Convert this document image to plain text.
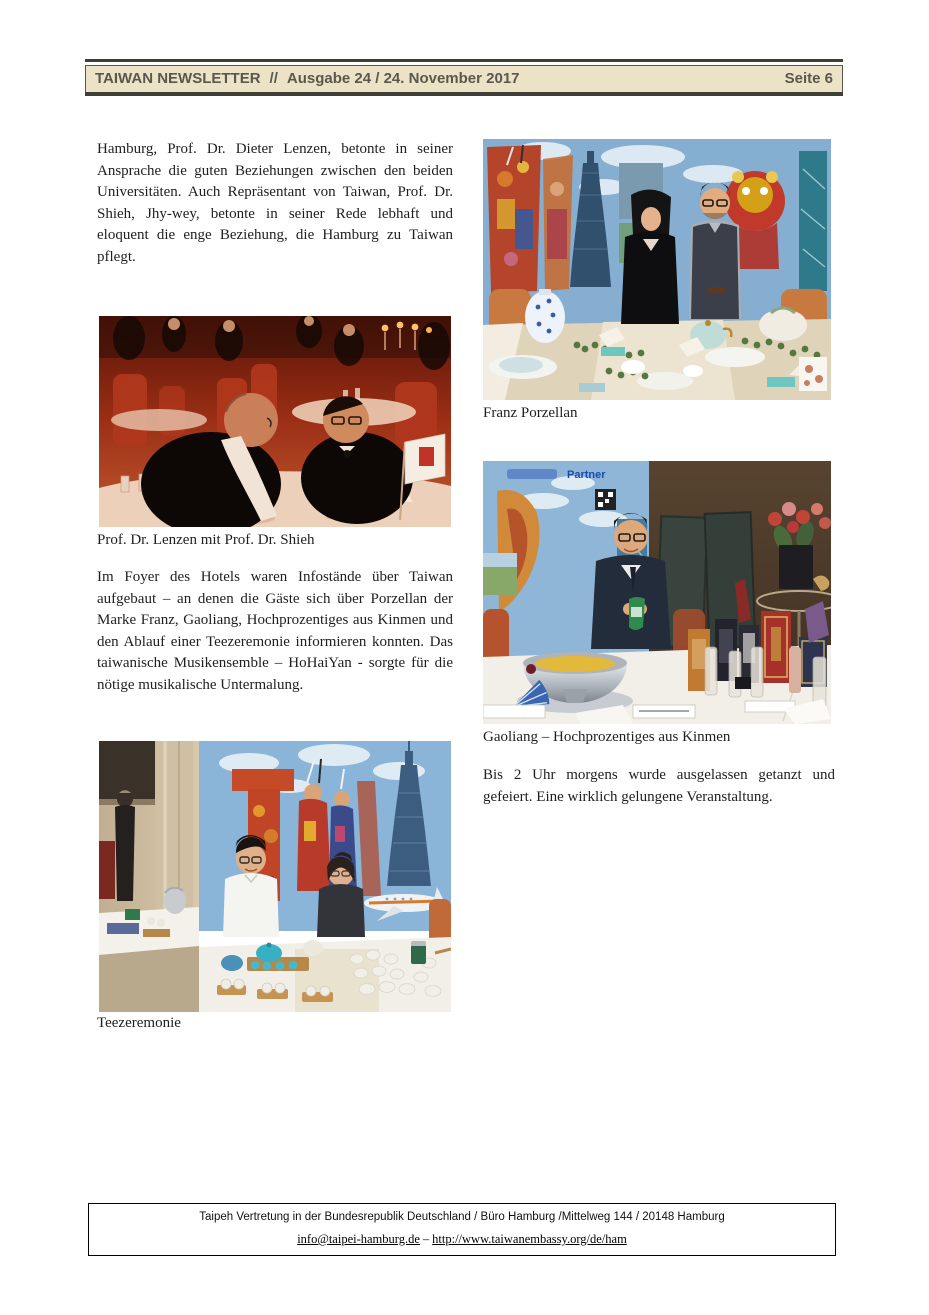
TAIWAN NEWSLETTER // Ausgabe 24 / 24. November 2017	Seite 6
Hamburg, Prof. Dr. Dieter Lenzen, betonte in seiner Ansprache die guten Beziehungen zwischen den beiden Universitäten. Auch Repräsentant von Taiwan, Prof. Dr. Shieh, Jhy-wey, betonte in seiner Rede lebhaft und eloquent die enge Beziehung, die Hamburg zu Taiwan pflegt.
Prof. Dr. Lenzen mit Prof. Dr. Shieh
Im Foyer des Hotels waren Infostände über Taiwan aufgebaut – an denen die Gäste sich über Porzellan der Marke Franz, Gaoliang, Hochprozentiges aus Kinmen und den Ablauf einer Teezeremonie informieren konnten. Das taiwanische Musikensemble – HoHaiYan - sorgte für die nötige musikalische Untermalung.
Teezeremonie
Franz Porzellan
Partner
Gaoliang – Hochprozentiges aus Kinmen
Bis 2 Uhr morgens wurde ausgelassen getanzt und gefeiert. Eine wirklich gelungene Veranstaltung.
Taipeh Vertretung in der Bundesrepublik Deutschland / Büro Hamburg /Mittelweg 144 / 20148 Hamburg
info@taipei-hamburg.de – http://www.taiwanembassy.org/de/ham
